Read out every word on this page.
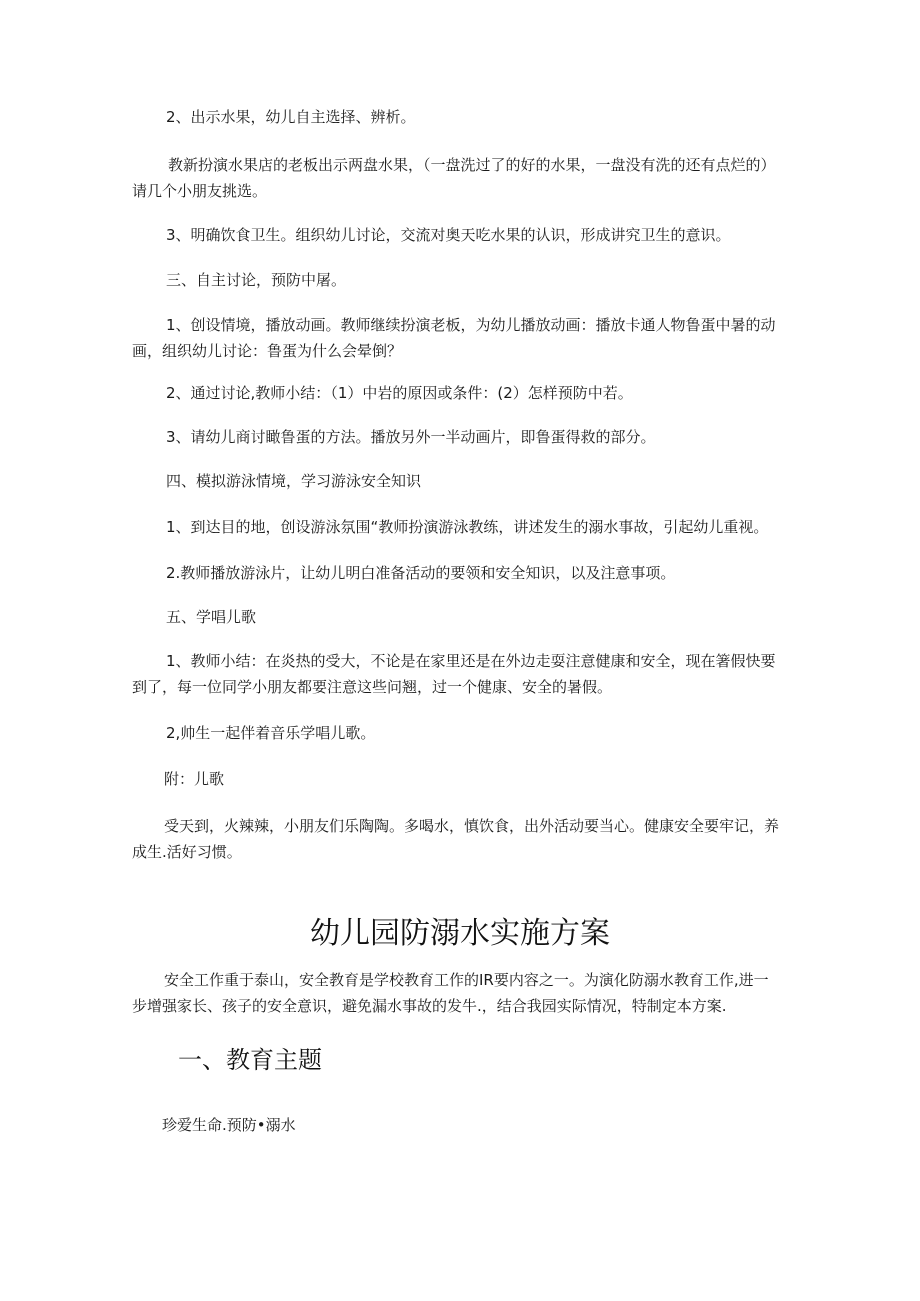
2、出示水果，幼儿自主选择、辨析。
教新扮演水果店的老板出示两盘水果，（一盘洗过了的好的水果，一盘没有洗的还有点烂的）
请几个小朋友挑选。
3、明确饮食卫生。组织幼儿讨论，交流对奥天吃水果的认识，形成讲究卫生的意识。
三、自主讨论，预防中屠。
1、创设情境，播放动画。教师继续扮演老板，为幼儿播放动画：播放卡通人物鲁蛋中暑的动
画，组织幼儿讨论：鲁蛋为什么会晕倒？
2、通过讨论,教师小结：（1）中岩的原因或条件：(2）怎样预防中若。
3、请幼儿商讨瞰鲁蛋的方法。播放另外一半动画片，即鲁蛋得救的部分。
四、模拟游泳情境，学习游泳安全知识
1、到达目的地，创设游泳氛围“教师扮演游泳教练，讲述发生的溺水事故，引起幼儿重视。
2.教师播放游泳片，让幼儿明白准备活动的要领和安全知识，以及注意事项。
五、学唱儿歌
1、教师小结：在炎热的受大，不论是在家里还是在外边走耍注意健康和安全，现在箸假快要
到了，每一位同学小朋友都要注意这些问翘，过一个健康、安全的暑假。
2,帅生一起伴着音乐学唱儿歌。
附：儿歌
受天到，火辣辣，小朋友们乐陶陶。多喝水，慎饮食，出外活动要当心。健康安全要牢记，养
成生.活好习惯。
幼儿园防溺水实施方案
安全工作重于泰山，安全教育是学校教育工作的IR要内容之一。为演化防溺水教育工作,进一
步增强家长、孩子的安全意识，避免漏水事故的发牛.，结合我园实际情况，特制定本方案.
一、教育主题
珍爱生命.预防•溺水
